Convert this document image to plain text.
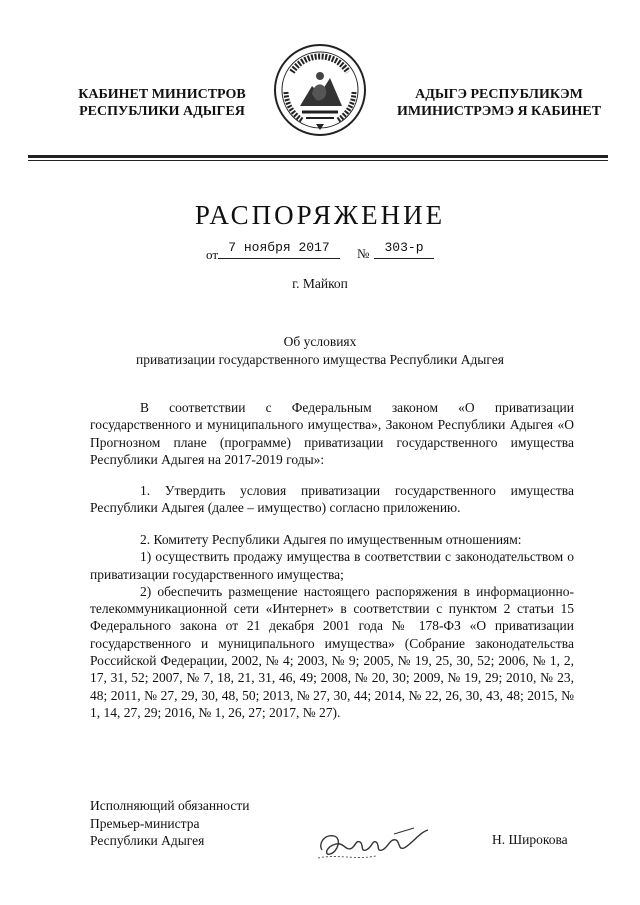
КАБИНЕТ МИНИСТРОВ
РЕСПУБЛИКИ АДЫГЕЯ
АДЫГЭ РЕСПУБЛИКЭМ
ИМИНИСТРЭМЭ Я КАБИНЕТ
РАСПОРЯЖЕНИЕ
от 7 ноября 2017	№	303-р
г. Майкоп
Об условиях
приватизации государственного имущества Республики Адыгея
В соответствии с Федеральным законом «О приватизации государственного и муниципального имущества», Законом Республики Адыгея «О Прогнозном плане (программе) приватизации государственного имущества Республики Адыгея на 2017-2019 годы»:
1. Утвердить условия приватизации государственного имущества Республики Адыгея (далее – имущество) согласно приложению.
2. Комитету Республики Адыгея по имущественным отношениям:
1) осуществить продажу имущества в соответствии с законодательством о приватизации государственного имущества;
2) обеспечить размещение настоящего распоряжения в информационно-телекоммуникационной сети «Интернет» в соответствии с пунктом 2 статьи 15 Федерального закона от 21 декабря 2001 года № 178-ФЗ «О приватизации государственного и муниципального имущества» (Собрание законодательства Российской Федерации, 2002, № 4; 2003, № 9; 2005, № 19, 25, 30, 52; 2006, № 1, 2, 17, 31, 52; 2007, № 7, 18, 21, 31, 46, 49; 2008, № 20, 30; 2009, № 19, 29; 2010, № 23, 48; 2011, № 27, 29, 30, 48, 50; 2013, № 27, 30, 44; 2014, № 22, 26, 30, 43, 48; 2015, № 1, 14, 27, 29; 2016, № 1, 26, 27; 2017, № 27).
Исполняющий обязанности
Премьер-министра
Республики Адыгея	Н. Широкова
